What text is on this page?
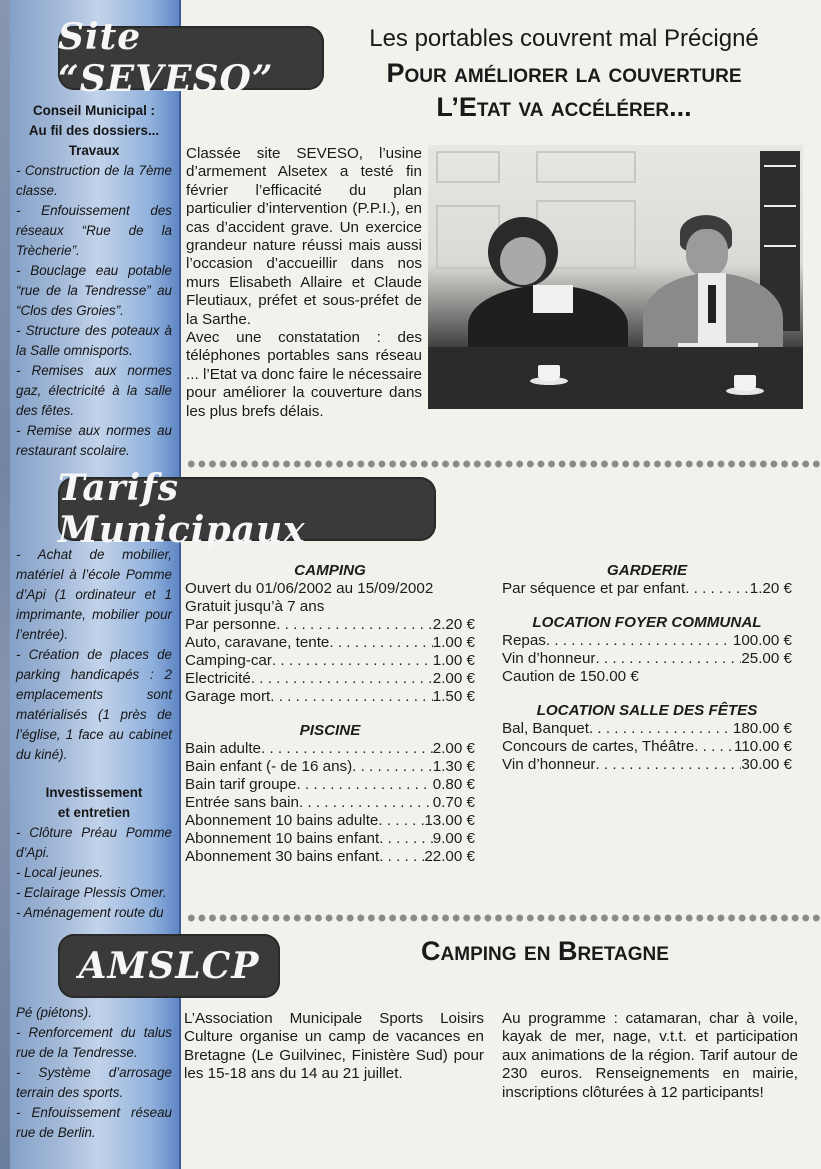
Conseil Municipal :
Au fil des dossiers...
Travaux
- Construction de la 7ème classe.
- Enfouissement des réseaux “Rue de la Trècherie”.
- Bouclage eau potable “rue de la Tendresse” au “Clos des Groies”.
- Structure des poteaux à la Salle omnisports.
- Remises aux normes gaz, électricité à la salle des fêtes.
- Remise aux normes au restaurant scolaire.
- Achat de mobilier, matériel à l’école Pomme d’Api (1 ordinateur et 1 imprimante, mobilier pour l’entrée).
- Création de places de parking handicapés : 2 emplacements sont matérialisés (1 près de l’église, 1 face au cabinet du kiné).
Investissement
et entretien
- Clôture Préau Pomme d’Api.
- Local jeunes.
- Eclairage Plessis Omer.
- Aménagement route du
Pé (piétons).
- Renforcement du talus rue de la Tendresse.
- Système d’arrosage terrain des sports.
- Enfouissement réseau rue de Berlin.
Site “SEVESO”
Les portables couvrent mal Précigné
Pour améliorer la couverture
L’Etat va accélérer...
Classée site SEVESO, l’usine d’armement Alsetex a testé fin février l’efficacité du plan particulier d’intervention (P.P.I.), en cas d’accident grave. Un exercice grandeur nature réussi mais aussi l’occasion d’accueillir dans nos murs Elisabeth Allaire et Claude Fleutiaux, préfet et sous-préfet de la Sarthe.
Avec une constatation : des téléphones portables sans réseau ... l’Etat va donc faire le nécessaire pour améliorer la couverture dans les plus brefs délais.
Tarifs Municipaux
CAMPING
Ouvert du 01/06/2002 au 15/09/2002
Gratuit jusqu’à 7 ans
Par personne . . .	2.20 €
Auto, caravane, tente . . .	1.00 €
Camping-car . . .	1.00 €
Electricité . . .	2.00 €
Garage mort . . .	1.50 €
PISCINE
Bain adulte . . .	2.00 €
Bain enfant (- de 16 ans) . . .	1.30 €
Bain tarif groupe . . .	0.80 €
Entrée sans bain . . .	0.70 €
Abonnement 10 bains adulte . . .	13.00 €
Abonnement 10 bains enfant . . .	9.00 €
Abonnement 30 bains enfant . . .	22.00 €
GARDERIE
Par séquence et par enfant . . .	1.20 €
LOCATION FOYER COMMUNAL
Repas . . .	100.00 €
Vin d’honneur . . .	25.00 €
Caution de 150.00 €
LOCATION SALLE DES FÊTES
Bal, Banquet . . .	180.00 €
Concours de cartes, Théâtre . . .	110.00 €
Vin d’honneur . . .	30.00 €
AMSLCP	Camping en Bretagne
L’Association Municipale Sports Loisirs Culture organise un camp de vacances en Bretagne (Le Guilvinec, Finistère Sud) pour les 15-18 ans du 14 au 21 juillet.
Au programme : catamaran, char à voile, kayak de mer, nage, v.t.t. et participation aux animations de la région. Tarif autour de 230 euros. Renseignements en mairie, inscriptions clôturées à 12 participants!
